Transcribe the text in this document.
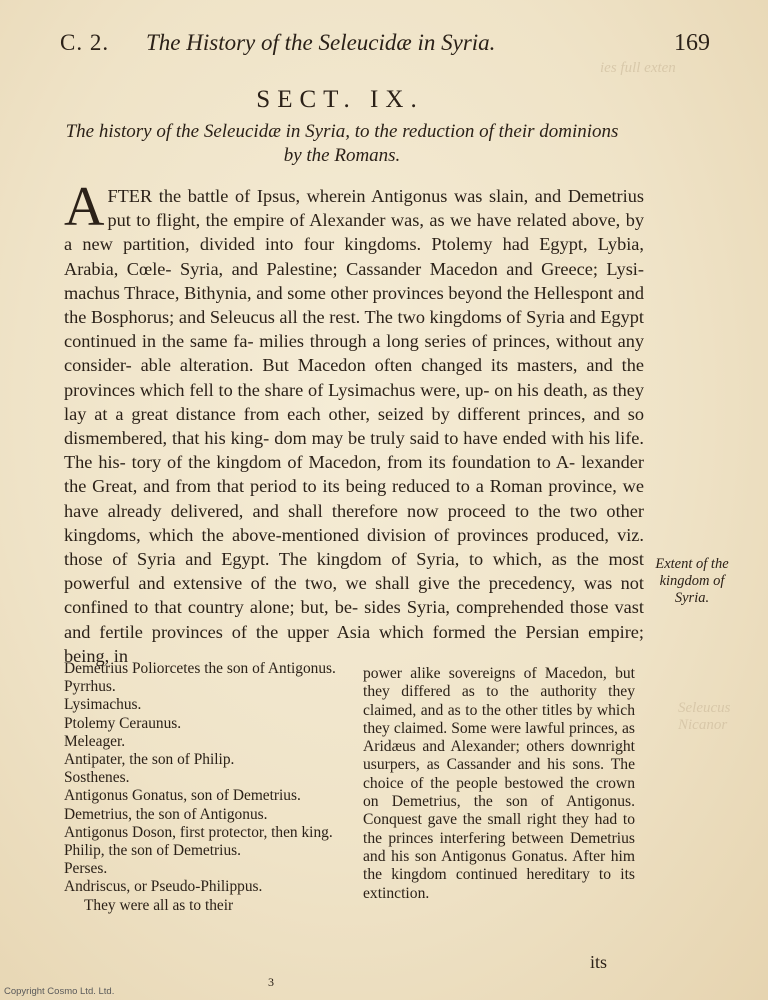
ies full exten
Seleucus
Nicanor
C. 2. The History of the Seleucidæ in Syria.	169
SECT. IX.
The history of the Seleucidæ in Syria, to the reduction of their dominions by the Romans.
A FTER the battle of Ipsus, wherein Antigonus was slain, and Demetrius put to flight, the empire of Alexander was, as we have related above, by a new partition, divided into four kingdoms. Ptolemy had Egypt, Lybia, Arabia, Cœle- Syria, and Palestine; Cassander Macedon and Greece; Lysi- machus Thrace, Bithynia, and some other provinces beyond the Hellespont and the Bosphorus; and Seleucus all the rest. The two kingdoms of Syria and Egypt continued in the same fa- milies through a long series of princes, without any consider- able alteration. But Macedon often changed its masters, and the provinces which fell to the share of Lysimachus were, up- on his death, as they lay at a great distance from each other, seized by different princes, and so dismembered, that his king- dom may be truly said to have ended with his life. The his- tory of the kingdom of Macedon, from its foundation to A- lexander the Great, and from that period to its being reduced to a Roman province, we have already delivered, and shall therefore now proceed to the two other kingdoms, which the above-mentioned division of provinces produced, viz. those of Syria and Egypt. The kingdom of Syria, to which, as the most powerful and extensive of the two, we shall give the precedency, was not confined to that country alone; but, be- sides Syria, comprehended those vast and fertile provinces of the upper Asia which formed the Persian empire; being, in
Extent of the kingdom of Syria.
Demetrius Poliorcetes the son of Antigonus.
Pyrrhus.
Lysimachus.
Ptolemy Ceraunus.
Meleager.
Antipater, the son of Philip.
Sosthenes.
Antigonus Gonatus, son of Demetrius.
Demetrius, the son of Antigonus.
Antigonus Doson, first protector, then king.
Philip, the son of Demetrius.
Perses.
Andriscus, or Pseudo-Philippus.
They were all as to their
power alike sovereigns of Macedon, but they differed as to the authority they claimed, and as to the other titles by which they claimed. Some were lawful princes, as Aridæus and Alexander; others downright usurpers, as Cassander and his sons. The choice of the people bestowed the crown on Demetrius, the son of Antigonus. Conquest gave the small right they had to the princes interfering between Demetrius and his son Antigonus Gonatus. After him the kingdom continued hereditary to its extinction.
its
3
Copyright Cosmo Ltd. Ltd.
